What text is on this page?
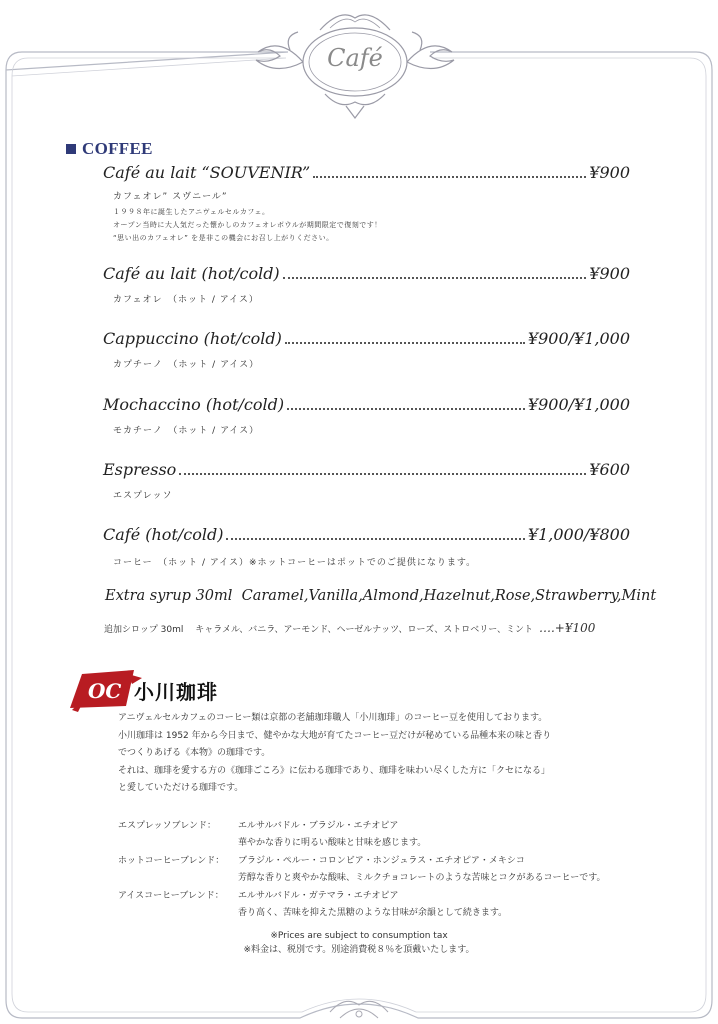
Café
COFFEE
Café au lait “SOUVENIR”	¥900
カフェオレ” スヴニール”
１９９８年に誕生したアニヴェルセルカフェ。
オープン当時に大人気だった懐かしのカフェオレボウルが期間限定で復刻です！
“思い出のカフェオレ” を是非この機会にお召し上がりください。
Café au lait (hot/cold)	¥900
カフェオレ　（ホット / アイス）
Cappuccino (hot/cold)	¥900/¥1,000
カプチーノ　（ホット / アイス）
Mochaccino (hot/cold)	¥900/¥1,000
モカチーノ　（ホット / アイス）
Espresso	¥600
エスプレッソ
Café (hot/cold)	¥1,000/¥800
コーヒー　（ホット / アイス）※ホットコーヒーはポットでのご提供になります。
Extra syrup 30ml Caramel,Vanilla,Almond,Hazelnut,Rose,Strawberry,Mint
追加シロップ 30ml　 キャラメル、バニラ、アーモンド、ヘーゼルナッツ、ローズ、ストロベリー、ミント ….+¥100
OC 小川珈琲

アニヴェルセルカフェのコーヒー類は京都の老舗珈琲職人「小川珈琲」のコーヒー豆を使用しております。

小川珈琲は 1952 年から今日まで、健やかな大地が育てたコーヒー豆だけが秘めている品種本来の味と香り

でつくりあげる《本物》の珈琲です。

それは、珈琲を愛する方の《珈琲ごころ》に伝わる珈琲であり、珈琲を味わい尽くした方に「クセになる」

と愛していただける珈琲です。

エスプレッソブレンド： エルサルバドル・ブラジル・エチオピア
華やかな香りに明るい酸味と甘味を感じます。
ホットコーヒーブレンド： ブラジル・ペルー・コロンビア・ホンジュラス・エチオピア・メキシコ
芳醇な香りと爽やかな酸味、ミルクチョコレートのような苦味とコクがあるコーヒーです。
アイスコーヒーブレンド： エルサルバドル・ガテマラ・エチオピア
香り高く、苦味を抑えた黒糖のような甘味が余韻として続きます。
※Prices are subject to consumption tax
※料金は、税別です。別途消費税８％を頂戴いたします。
